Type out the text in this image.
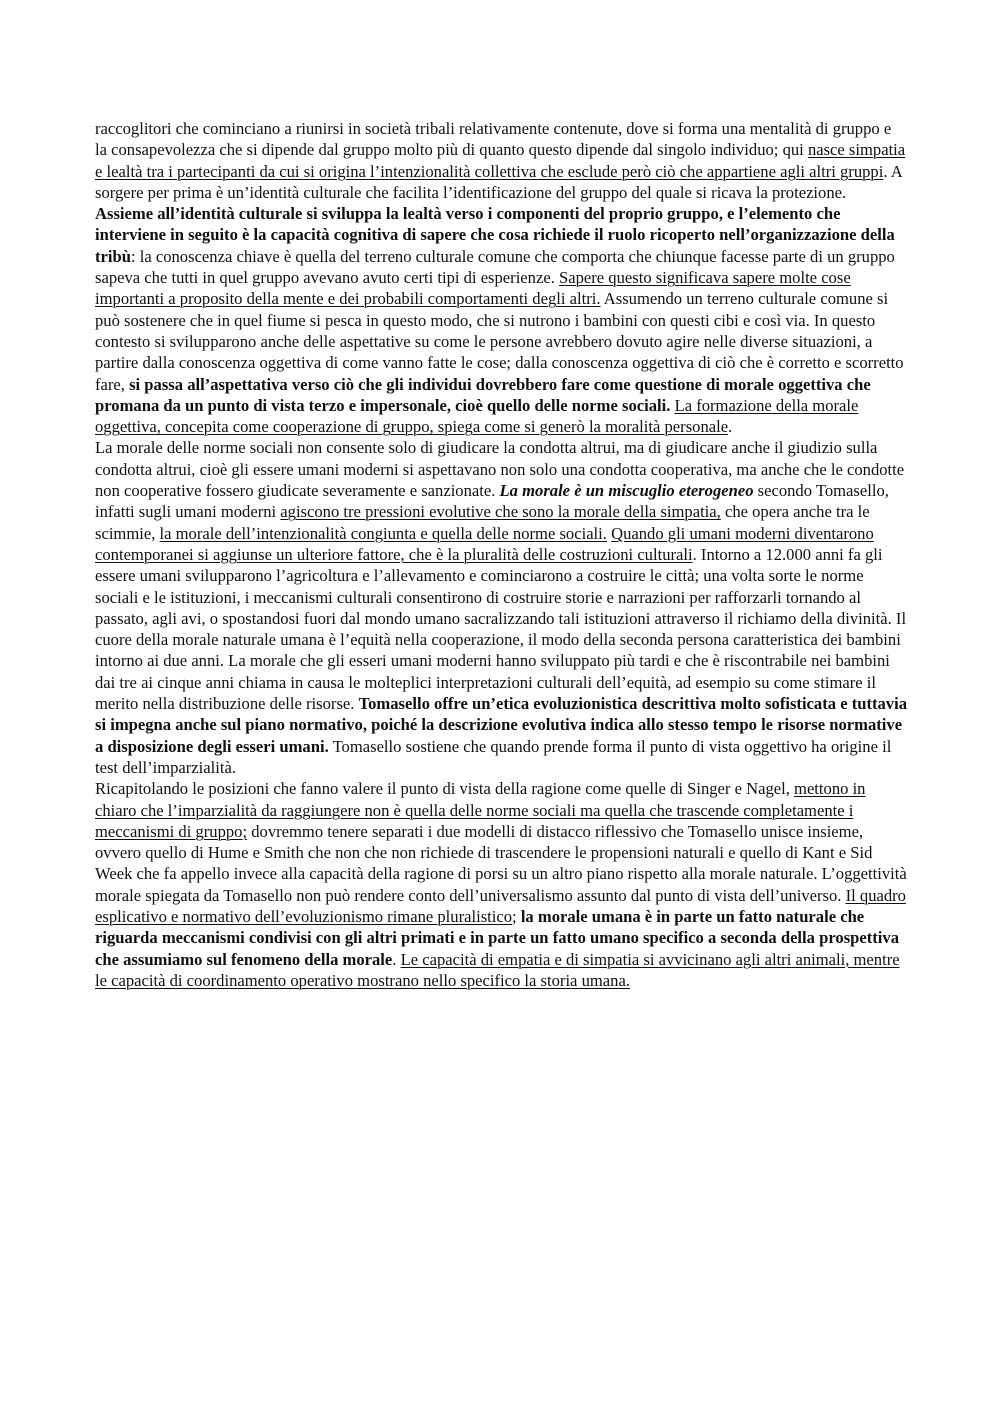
raccoglitori che cominciano a riunirsi in società tribali relativamente contenute, dove si forma una mentalità di gruppo e la consapevolezza che si dipende dal gruppo molto più di quanto questo dipende dal singolo individuo; qui nasce simpatia e lealtà tra i partecipanti da cui si origina l’intenzionalità collettiva che esclude però ciò che appartiene agli altri gruppi. A sorgere per prima è un’identità culturale che facilita l’identificazione del gruppo del quale si ricava la protezione. Assieme all’identità culturale si sviluppa la lealtà verso i componenti del proprio gruppo, e l’elemento che interviene in seguito è la capacità cognitiva di sapere che cosa richiede il ruolo ricoperto nell’organizzazione della tribù: la conoscenza chiave è quella del terreno culturale comune che comporta che chiunque facesse parte di un gruppo sapeva che tutti in quel gruppo avevano avuto certi tipi di esperienze. Sapere questo significava sapere molte cose importanti a proposito della mente e dei probabili comportamenti degli altri. Assumendo un terreno culturale comune si può sostenere che in quel fiume si pesca in questo modo, che si nutrono i bambini con questi cibi e così via. In questo contesto si svilupparono anche delle aspettative su come le persone avrebbero dovuto agire nelle diverse situazioni, a partire dalla conoscenza oggettiva di come vanno fatte le cose; dalla conoscenza oggettiva di ciò che è corretto e scorretto fare, si passa all’aspettativa verso ciò che gli individui dovrebbero fare come questione di morale oggettiva che promana da un punto di vista terzo e impersonale, cioè quello delle norme sociali. La formazione della morale oggettiva, concepita come cooperazione di gruppo, spiega come si generò la moralità personale.

La morale delle norme sociali non consente solo di giudicare la condotta altrui, ma di giudicare anche il giudizio sulla condotta altrui, cioè gli essere umani moderni si aspettavano non solo una condotta cooperativa, ma anche che le condotte non cooperative fossero giudicate severamente e sanzionate. La morale è un miscuglio eterogeneo secondo Tomasello, infatti sugli umani moderni agiscono tre pressioni evolutive che sono la morale della simpatia, che opera anche tra le scimmie, la morale dell’intenzionalità congiunta e quella delle norme sociali. Quando gli umani moderni diventarono contemporanei si aggiunse un ulteriore fattore, che è la pluralità delle costruzioni culturali. Intorno a 12.000 anni fa gli essere umani svilupparono l’agricoltura e l’allevamento e cominciarono a costruire le città; una volta sorte le norme sociali e le istituzioni, i meccanismi culturali consentirono di costruire storie e narrazioni per rafforzarli tornando al passato, agli avi, o spostandosi fuori dal mondo umano sacralizzando tali istituzioni attraverso il richiamo della divinità. Il cuore della morale naturale umana è l’equità nella cooperazione, il modo della seconda persona caratteristica dei bambini intorno ai due anni. La morale che gli esseri umani moderni hanno sviluppato più tardi e che è riscontrabile nei bambini dai tre ai cinque anni chiama in causa le molteplici interpretazioni culturali dell’equità, ad esempio su come stimare il merito nella distribuzione delle risorse. Tomasello offre un’etica evoluzionistica descrittiva molto sofisticata e tuttavia si impegna anche sul piano normativo, poiché la descrizione evolutiva indica allo stesso tempo le risorse normative a disposizione degli esseri umani. Tomasello sostiene che quando prende forma il punto di vista oggettivo ha origine il test dell’imparzialità.

Ricapitolando le posizioni che fanno valere il punto di vista della ragione come quelle di Singer e Nagel, mettono in chiaro che l’imparzialità da raggiungere non è quella delle norme sociali ma quella che trascende completamente i meccanismi di gruppo; dovremmo tenere separati i due modelli di distacco riflessivo che Tomasello unisce insieme, ovvero quello di Hume e Smith che non che non richiede di trascendere le propensioni naturali e quello di Kant e Sid Week che fa appello invece alla capacità della ragione di porsi su un altro piano rispetto alla morale naturale. L’oggettività morale spiegata da Tomasello non può rendere conto dell’universalismo assunto dal punto di vista dell’universo. Il quadro esplicativo e normativo dell’evoluzionismo rimane pluralistico; la morale umana è in parte un fatto naturale che riguarda meccanismi condivisi con gli altri primati e in parte un fatto umano specifico a seconda della prospettiva che assumiamo sul fenomeno della morale. Le capacità di empatia e di simpatia si avvicinano agli altri animali, mentre le capacità di coordinamento operativo mostrano nello specifico la storia umana.
